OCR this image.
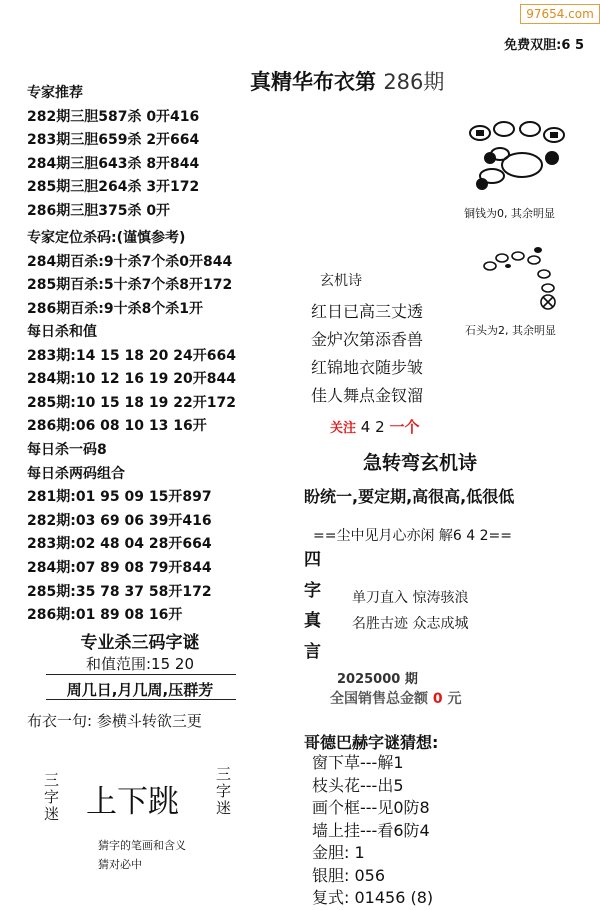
97654.com
免费双胆:6 5
真精华布衣第 286期
专家推荐
282期三胆587杀 0开416
283期三胆659杀 2开664
284期三胆643杀 8开844
285期三胆264杀 3开172
286期三胆375杀 0开
专家定位杀码:(谨慎参考)
284期百杀:9十杀7个杀0开844
285期百杀:5十杀7个杀8开172
286期百杀:9十杀8个杀1开
每日杀和值
283期:14 15 18 20 24开664
284期:10 12 16 19 20开844
285期:10 15 18 19 22开172
286期:06 08 10 13 16开
每日杀一码8
每日杀两码组合
281期:01 95 09 15开897
282期:03 69 06 39开416
283期:02 48 04 28开664
284期:07 89 08 79开844
285期:35 78 37 58开172
286期:01 89 08 16开
专业杀三码字谜
和值范围:15 20
周几日,月几周,压群芳
布衣一句: 参横斗转欲三更
三字迷
三字迷
上下跳
猜字的笔画和含义
猜对必中
铜钱为0, 其余明显
石头为2, 其余明显
玄机诗
红日已高三丈透
金炉次第添香兽
红锦地衣随步皱
佳人舞点金钗溜
关注 4 2 一个
急转弯玄机诗
盼统一,要定期,高很高,低很低
==尘中见月心亦闲 解6 4 2==
四
字
真
言
单刀直入 惊涛骇浪
名胜古迹 众志成城
2025000 期
全国销售总金额 0 元
哥德巴赫字谜猜想:
窗下草---解1
枝头花---出5
画个框---见0防8
墙上挂---看6防4
金胆: 1
银胆: 056
复式: 01456 (8)
